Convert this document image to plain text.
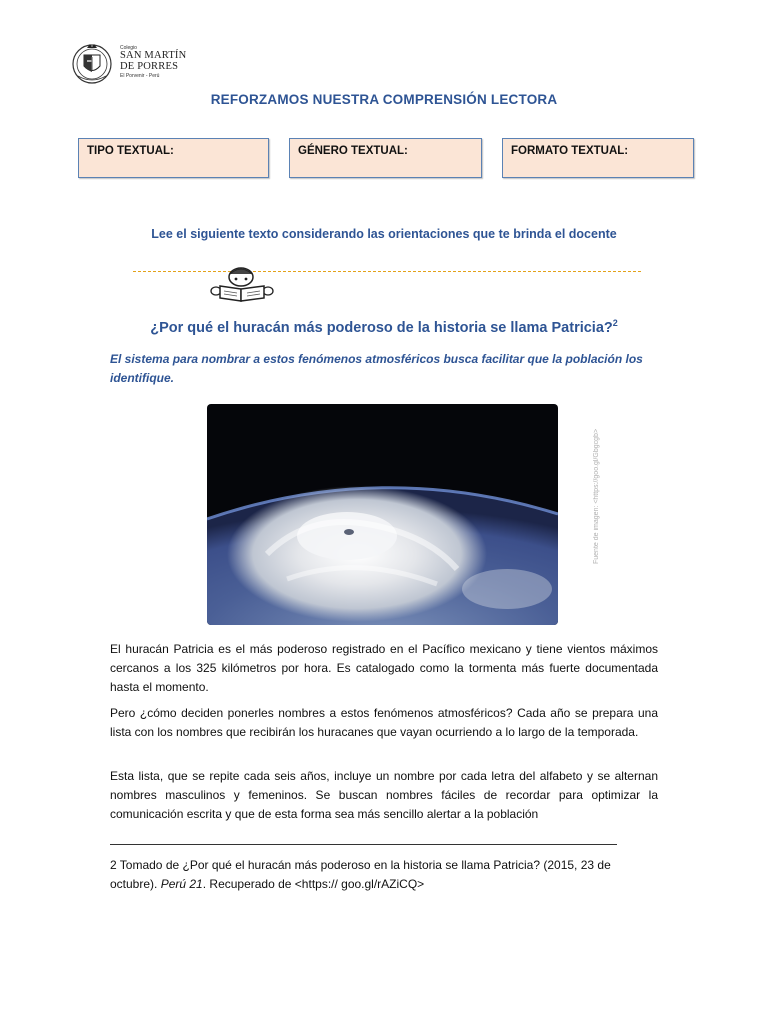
Colegio
SAN MARTÍN
DE PORRES
El Porvenir - Perú
REFORZAMOS NUESTRA COMPRENSIÓN LECTORA
TIPO TEXTUAL:	GÉNERO TEXTUAL:	FORMATO TEXTUAL:
Lee el siguiente texto considerando las orientaciones que te brinda el docente
¿Por qué el huracán más poderoso de la historia se llama Patricia?$^2$
El sistema para nombrar a estos fenómenos atmosféricos busca facilitar que la población los identifique.
Fuente de imagen: <https://goo.gl/Gbgcgb>
El huracán Patricia es el más poderoso registrado en el Pacífico mexicano y tiene vientos máximos cercanos a los 325 kilómetros por hora. Es catalogado como la tormenta más fuerte documentada hasta el momento.
Pero ¿cómo deciden ponerles nombres a estos fenómenos atmosféricos? Cada año se prepara una lista con los nombres que recibirán los huracanes que vayan ocurriendo a lo largo de la temporada.
Esta lista, que se repite cada seis años, incluye un nombre por cada letra del alfabeto y se alternan nombres masculinos y femeninos. Se buscan nombres fáciles de recordar para optimizar la comunicación escrita y que de esta forma sea más sencillo alertar a la población
2 Tomado de ¿Por qué el huracán más poderoso en la historia se llama Patricia? (2015, 23 de octubre). Perú 21. Recuperado de <https:// goo.gl/rAZiCQ>
